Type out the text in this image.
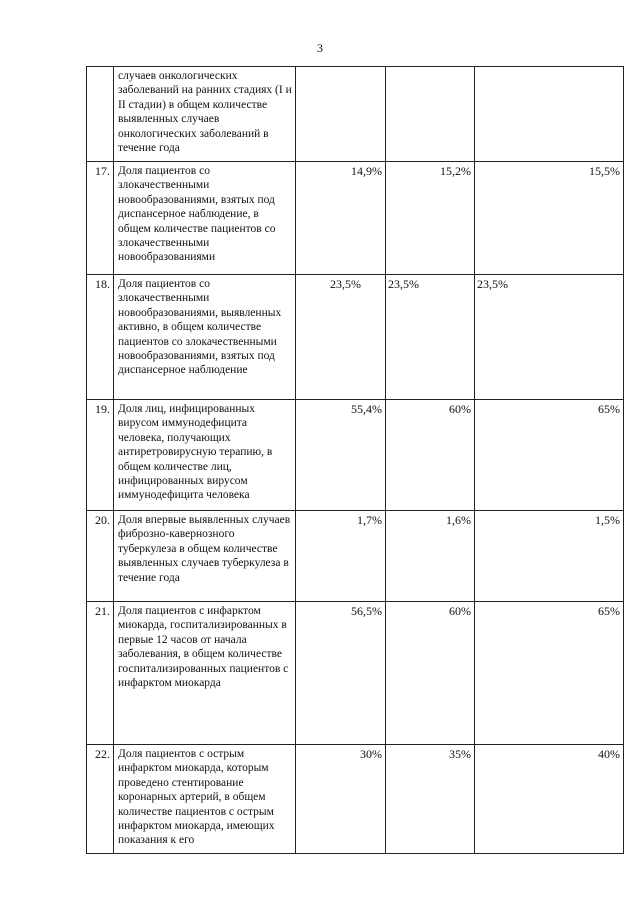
3
	случаев онкологических заболеваний на ранних стадиях (I и II стадии) в общем количестве выявленных случаев онкологических заболеваний в течение года			
17.	Доля пациентов со злокачественными новообразованиями, взятых под диспансерное наблюдение, в общем количестве пациентов со злокачественными новообразованиями	14,9%	15,2%	15,5%
18.	Доля пациентов со злокачественными новообразованиями, выявленных активно, в общем количестве пациентов со злокачественными новообразованиями, взятых под диспансерное наблюдение	23,5%	23,5%	23,5%
19.	Доля лиц, инфицированных вирусом иммунодефицита человека, получающих антиретровирусную терапию, в общем количестве лиц, инфицированных вирусом иммунодефицита человека	55,4%	60%	65%
20.	Доля впервые выявленных случаев фиброзно-кавернозного туберкулеза в общем количестве выявленных случаев туберкулеза в течение года	1,7%	1,6%	1,5%
21.	Доля пациентов с инфарктом миокарда, госпитализированных в первые 12 часов от начала заболевания, в общем количестве госпитализированных пациентов с инфарктом миокарда	56,5%	60%	65%
22.	Доля пациентов с острым инфарктом миокарда, которым проведено стентирование коронарных артерий, в общем количестве пациентов с острым инфарктом миокарда, имеющих показания к его	30%	35%	40%
